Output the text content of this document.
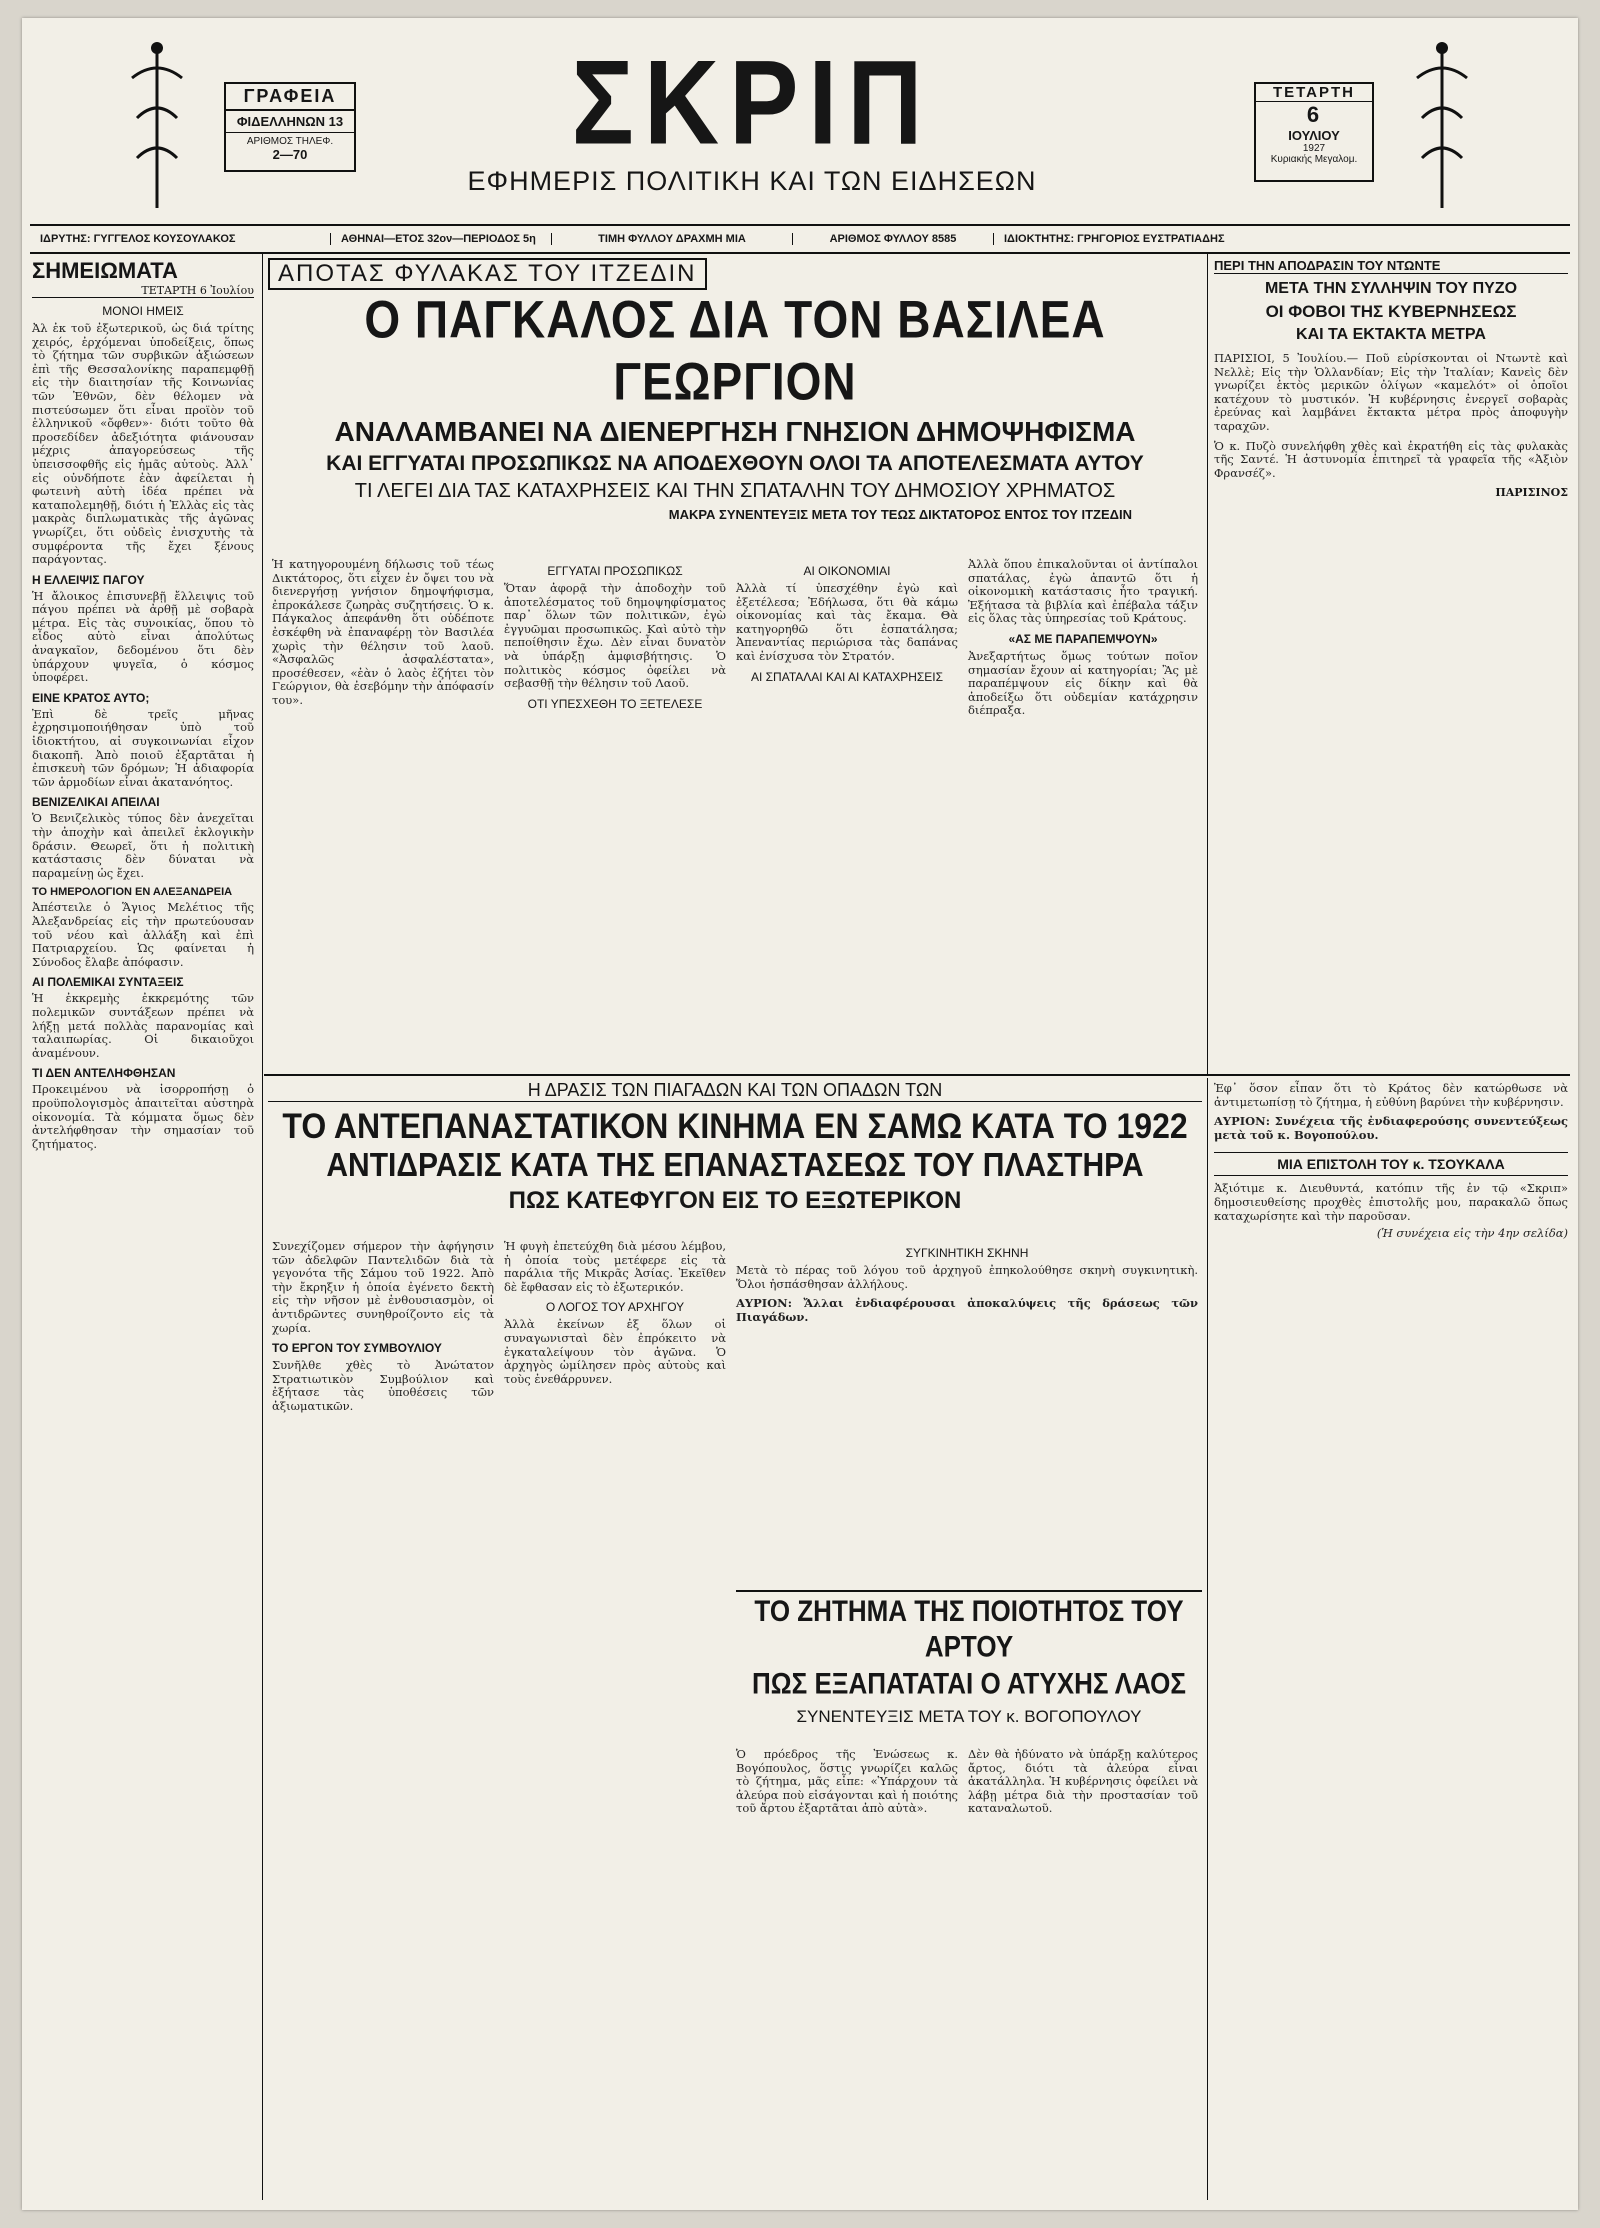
ΓΡΑΦΕΙΑ
ΦΙΔΕΛΛΗΝΩΝ 13
ΑΡΙΘΜΟΣ ΤΗΛΕΦ.
2—70	ΣΚΡΙΠ
ΕΦΗΜΕΡΙΣ ΠΟΛΙΤΙΚΗ ΚΑΙ ΤΩΝ ΕΙΔΗΣΕΩΝ
ΤΕΤΑΡΤΗ
6
ΙΟΥΛΙΟΥ
1927
Κυριακής Μεγαλομ.
ΙΔΡΥΤΗΣ: ΓΥΓΓΕΛΟΣ ΚΟΥΣΟΥΛΑΚΟΣ	ΑΘΗΝΑΙ—ΕΤΟΣ 32ον—ΠΕΡΙΟΔΟΣ 5η	ΤΙΜΗ ΦΥΛΛΟΥ ΔΡΑΧΜΗ ΜΙΑ	ΑΡΙΘΜΟΣ ΦΥΛΛΟΥ 8585	ΙΔΙΟΚΤΗΤΗΣ: ΓΡΗΓΟΡΙΟΣ ΕΥΣΤΡΑΤΙΑΔΗΣ
ΣΗΜΕΙΩΜΑΤΑ
ΤΕΤΑΡΤΗ 6 Ἰουλίου
ΜΟΝΟΙ ΗΜΕΙΣ
Ἀλ ἐκ τοῦ ἐξωτερικοῦ, ὡς διά τρίτης χειρός, ἐρχόμεναι ὑποδείξεις, ὅπως τὸ ζήτημα τῶν συρβικῶν ἀξιώσεων ἐπὶ τῆς Θεσσαλονίκης παραπεμφθῇ εἰς τὴν διαιτησίαν τῆς Κοινωνίας τῶν Ἐθνῶν, δὲν θέλομεν νὰ πιστεύσωμεν ὅτι εἶναι προϊὸν τοῦ ἑλληνικοῦ «ὄφθεν»· διότι τοῦτο θὰ προσεδίδεν ἀδεξιότητα φιάνουσαν μέχρις ἀπαγορεύσεως τῆς ὑπεισσοφθῆς εἰς ἡμᾶς αὐτοὺς. Ἀλλ᾽ εἰς οὐνδήποτε ἐὰν ἀφείλεται ἡ φωτεινὴ αὐτὴ ἰδέα πρέπει νὰ καταπολεμηθῇ, διότι ἡ Ἑλλὰς εἰς τὰς μακρὰς διπλωματικὰς τῆς ἀγῶνας γνωρίζει, ὅτι οὐδεὶς ἐνισχυτὴς τὰ συμφέροντα τῆς ἔχει ξένους παράγοντας.
Η ΕΛΛΕΙΨΙΣ ΠΑΓΟΥ
Ἡ ἄλοικος ἐπισυνεβῇ ἔλλειψις τοῦ πάγου πρέπει νὰ ἀρθῇ μὲ σοβαρὰ μέτρα. Εἰς τὰς συνοικίας, ὅπου τὸ εἶδος αὐτὸ εἶναι ἀπολύτως ἀναγκαῖον, δεδομένου ὅτι δὲν ὑπάρχουν ψυγεῖα, ὁ κόσμος ὑποφέρει.
ΕΙΝΕ ΚΡΑΤΟΣ ΑΥΤΟ;
Ἐπὶ δὲ τρεῖς μῆνας ἐχρησιμοποιήθησαν ὑπὸ τοῦ ἰδιοκτήτου, αἱ συγκοινωνίαι εἶχον διακοπῆ. Ἀπὸ ποιοῦ ἐξαρτᾶται ἡ ἐπισκευὴ τῶν δρόμων; Ἡ ἀδιαφορία τῶν ἁρμοδίων εἶναι ἀκατανόητος.
ΒΕΝΙΖΕΛΙΚΑΙ ΑΠΕΙΛΑΙ
Ὁ Βενιζελικὸς τύπος δὲν ἀνεχεῖται τὴν ἀποχὴν καὶ ἀπειλεῖ ἐκλογικὴν δράσιν. Θεωρεῖ, ὅτι ἡ πολιτικὴ κατάστασις δὲν δύναται νὰ παραμείνῃ ὡς ἔχει.
ΤΟ ΗΜΕΡΟΛΟΓΙΟΝ ΕΝ ΑΛΕΞΑΝΔΡΕΙΑ
Ἀπέστειλε ὁ Ἅγιος Μελέτιος τῆς Ἀλεξανδρείας εἰς τὴν πρωτεύουσαν τοῦ νέου καὶ ἀλλάξη καὶ ἐπὶ Πατριαρχείου. Ὡς φαίνεται ἡ Σύνοδος ἔλαβε ἀπόφασιν.
ΑΙ ΠΟΛΕΜΙΚΑΙ ΣΥΝΤΑΞΕΙΣ
Ἡ ἐκκρεμὴς ἐκκρεμότης τῶν πολεμικῶν συντάξεων πρέπει νὰ λήξῃ μετά πολλὰς παρανομίας καὶ ταλαιπωρίας. Οἱ δικαιοῦχοι ἀναμένουν.
ΤΙ ΔΕΝ ΑΝΤΕΛΗΦΘΗΣΑΝ
Προκειμένου νὰ ἰσορροπήσῃ ὁ προϋπολογισμὸς ἀπαιτεῖται αὐστηρὰ οἰκονομία. Τὰ κόμματα ὅμως δὲν ἀντελήφθησαν τὴν σημασίαν τοῦ ζητήματος.
ΑΠΟΤΑΣ ΦΥΛΑΚΑΣ ΤΟΥ ΙΤΖΕΔΙΝ
Ο ΠΑΓΚΑΛΟΣ ΔΙΑ ΤΟΝ ΒΑΣΙΛΕΑ ΓΕΩΡΓΙΟΝ
ΑΝΑΛΑΜΒΑΝΕΙ ΝΑ ΔΙΕΝΕΡΓΗΣΗ ΓΝΗΣΙΟΝ ΔΗΜΟΨΗΦΙΣΜΑ
ΚΑΙ ΕΓΓΥΑΤΑΙ ΠΡΟΣΩΠΙΚΩΣ ΝΑ ΑΠΟΔΕΧΘΟΥΝ ΟΛΟΙ ΤΑ ΑΠΟΤΕΛΕΣΜΑΤΑ ΑΥΤΟΥ
ΤΙ ΛΕΓΕΙ ΔΙΑ ΤΑΣ ΚΑΤΑΧΡΗΣΕΙΣ ΚΑΙ ΤΗΝ ΣΠΑΤΑΛΗΝ ΤΟΥ ΔΗΜΟΣΙΟΥ ΧΡΗΜΑΤΟΣ
ΜΑΚΡΑ ΣΥΝΕΝΤΕΥΞΙΣ ΜΕΤΑ ΤΟΥ ΤΕΩΣ ΔΙΚΤΑΤΟΡΟΣ ΕΝΤΟΣ ΤΟΥ ΙΤΖΕΔΙΝ
Ἡ κατηγορουμένη δήλωσις τοῦ τέως Δικτάτορος, ὅτι εἶχεν ἐν ὄψει του νὰ διενεργήσῃ γνήσιον δημοψήφισμα, ἐπροκάλεσε ζωηρὰς συζητήσεις. Ὁ κ. Πάγκαλος ἀπεφάνθη ὅτι οὐδέποτε ἐσκέφθη νὰ ἐπαναφέρῃ τὸν Βασιλέα χωρὶς τὴν θέλησιν τοῦ λαοῦ. «Ἀσφαλῶς ἀσφαλέστατα», προσέθεσεν, «ἐὰν ὁ λαὸς ἐζήτει τὸν Γεώργιον, θὰ ἐσεβόμην τὴν ἀπόφασίν του».
ΕΓΓΥΑΤΑΙ ΠΡΟΣΩΠΙΚΩΣ
Ὅταν ἀφορᾷ τὴν ἀποδοχὴν τοῦ ἀποτελέσματος τοῦ δημοψηφίσματος παρ᾽ ὅλων τῶν πολιτικῶν, ἐγὼ ἐγγυῶμαι προσωπικῶς. Καὶ αὐτὸ τὴν πεποίθησιν ἔχω. Δὲν εἶναι δυνατὸν νὰ ὑπάρξῃ ἀμφισβήτησις. Ὁ πολιτικὸς κόσμος ὀφείλει νὰ σεβασθῇ τὴν θέλησιν τοῦ Λαοῦ.
ΟΤΙ ΥΠΕΣΧΕΘΗ ΤΟ ΞΕΤΕΛΕΣΕ
ΑΙ ΟΙΚΟΝΟΜΙΑΙ
Ἀλλὰ τί ὑπεσχέθην ἐγὼ καὶ ἐξετέλεσα; Ἐδήλωσα, ὅτι θὰ κάμω οἰκονομίας καὶ τὰς ἔκαμα. Θὰ κατηγορηθῶ ὅτι ἐσπατάλησα; Ἀπεναντίας περιώρισα τὰς δαπάνας καὶ ἐνίσχυσα τὸν Στρατόν.
ΑΙ ΣΠΑΤΑΛΑΙ ΚΑΙ ΑΙ ΚΑΤΑΧΡΗΣΕΙΣ
Ἀλλὰ ὅπου ἐπικαλοῦνται οἱ ἀντίπαλοι σπατάλας, ἐγὼ ἀπαντῶ ὅτι ἡ οἰκονομικὴ κατάστασις ἦτο τραγική. Ἐξήτασα τὰ βιβλία καὶ ἐπέβαλα τάξιν εἰς ὅλας τὰς ὑπηρεσίας τοῦ Κράτους.
«ΑΣ ΜΕ ΠΑΡΑΠΕΜΨΟΥΝ»
Ἀνεξαρτήτως ὅμως τούτων ποῖον σημασίαν ἔχουν αἱ κατηγορίαι; Ἂς μὲ παραπέμψουν εἰς δίκην καὶ θὰ ἀποδείξω ὅτι οὐδεμίαν κατάχρησιν διέπραξα.
ΠΕΡΙ ΤΗΝ ΑΠΟΔΡΑΣΙΝ ΤΟΥ ΝΤΩΝΤΕ
ΜΕΤΑ ΤΗΝ ΣΥΛΛΗΨΙΝ ΤΟΥ ΠΥΖΟ
ΟΙ ΦΟΒΟΙ ΤΗΣ ΚΥΒΕΡΝΗΣΕΩΣ
ΚΑΙ ΤΑ ΕΚΤΑΚΤΑ ΜΕΤΡΑ
ΠΑΡΙΣΙΟΙ, 5 Ἰουλίου.— Ποῦ εὑρίσκονται οἱ Ντωντὲ καὶ Νελλὲ; Εἰς τὴν Ὁλλανδίαν; Εἰς τὴν Ἰταλίαν; Κανεὶς δὲν γνωρίζει ἐκτὸς μερικῶν ὀλίγων «καμελότ» οἱ ὁποῖοι κατέχουν τὸ μυστικόν. Ἡ κυβέρνησις ἐνεργεῖ σοβαρὰς ἐρεύνας καὶ λαμβάνει ἔκτακτα μέτρα πρὸς ἀποφυγὴν ταραχῶν.
Ὁ κ. Πυζὸ συνελήφθη χθὲς καὶ ἐκρατήθη εἰς τὰς φυλακὰς τῆς Σαντέ. Ἡ ἀστυνομία ἐπιτηρεῖ τὰ γραφεῖα τῆς «Ἀξιὸν Φρανσέζ».
ΠΑΡΙΣΙΝΟΣ
Η ΔΡΑΣΙΣ ΤΩΝ ΠΙΑΓΑΔΩΝ ΚΑΙ ΤΩΝ ΟΠΑΔΩΝ ΤΩΝ
ΤΟ ΑΝΤΕΠΑΝΑΣΤΑΤΙΚΟΝ ΚΙΝΗΜΑ ΕΝ ΣΑΜΩ ΚΑΤΑ ΤΟ 1922
ΑΝΤΙΔΡΑΣΙΣ ΚΑΤΑ ΤΗΣ ΕΠΑΝΑΣΤΑΣΕΩΣ ΤΟΥ ΠΛΑΣΤΗΡΑ
ΠΩΣ ΚΑΤΕΦΥΓΟΝ ΕΙΣ ΤΟ ΕΞΩΤΕΡΙΚΟΝ
Συνεχίζομεν σήμερον τὴν ἀφήγησιν τῶν ἀδελφῶν Παντελιδῶν διὰ τὰ γεγονότα τῆς Σάμου τοῦ 1922. Ἀπὸ τὴν ἔκρηξιν ἡ ὁποία ἐγένετο δεκτὴ εἰς τὴν νῆσον μὲ ἐνθουσιασμὸν, οἱ ἀντιδρῶντες συνηθροίζοντο εἰς τὰ χωρία.
ΤΟ ΕΡΓΟΝ ΤΟΥ ΣΥΜΒΟΥΛΙΟΥ
Συνῆλθε χθὲς τὸ Ἀνώτατον Στρατιωτικὸν Συμβούλιον καὶ ἐξήτασε τὰς ὑποθέσεις τῶν ἀξιωματικῶν.
Ἡ φυγὴ ἐπετεύχθη διὰ μέσου λέμβου, ἡ ὁποία τοὺς μετέφερε εἰς τὰ παράλια τῆς Μικρᾶς Ἀσίας. Ἐκεῖθεν δὲ ἔφθασαν εἰς τὸ ἐξωτερικόν.
Ο ΛΟΓΟΣ ΤΟΥ ΑΡΧΗΓΟΥ
Ἀλλὰ ἐκείνων ἐξ ὅλων οἱ συναγωνισταὶ δὲν ἐπρόκειτο νὰ ἐγκαταλείψουν τὸν ἀγῶνα. Ὁ ἀρχηγὸς ὡμίλησεν πρὸς αὐτοὺς καὶ τοὺς ἐνεθάρρυνεν.
ΣΥΓΚΙΝΗΤΙΚΗ ΣΚΗΝΗ
Μετὰ τὸ πέρας τοῦ λόγου τοῦ ἀρχηγοῦ ἐπηκολούθησε σκηνὴ συγκινητικὴ. Ὅλοι ἠσπάσθησαν ἀλλήλους.
ΑΥΡΙΟΝ: Ἄλλαι ἐνδιαφέρουσαι ἀποκαλύψεις τῆς δράσεως τῶν Πιαγάδων.
ΤΟ ΖΗΤΗΜΑ ΤΗΣ ΠΟΙΟΤΗΤΟΣ ΤΟΥ ΑΡΤΟΥ
ΠΩΣ ΕΞΑΠΑΤΑΤΑΙ Ο ΑΤΥΧΗΣ ΛΑΟΣ
ΣΥΝΕΝΤΕΥΞΙΣ ΜΕΤΑ ΤΟΥ κ. ΒΟΓΟΠΟΥΛΟΥ
Ὁ πρόεδρος τῆς Ἐνώσεως κ. Βογόπουλος, ὅστις γνωρίζει καλῶς τὸ ζήτημα, μᾶς εἶπε: «Ὑπάρχουν τὰ ἀλεύρα ποὺ εἰσάγονται καὶ ἡ ποιότης τοῦ ἄρτου ἐξαρτᾶται ἀπὸ αὐτὰ».
Δὲν θὰ ἠδύνατο νὰ ὑπάρξῃ καλύτερος ἄρτος, διότι τὰ ἀλεύρα εἶναι ἀκατάλληλα. Ἡ κυβέρνησις ὀφείλει νὰ λάβῃ μέτρα διὰ τὴν προστασίαν τοῦ καταναλωτοῦ.
Ἐφ᾽ ὅσον εἶπαν ὅτι τὸ Κράτος δὲν κατώρθωσε νὰ ἀντιμετωπίσῃ τὸ ζήτημα, ἡ εὐθύνη βαρύνει τὴν κυβέρνησιν.
ΑΥΡΙΟΝ: Συνέχεια τῆς ἐνδιαφερούσης συνεντεύξεως μετὰ τοῦ κ. Βογοπούλου.
ΜΙΑ ΕΠΙΣΤΟΛΗ ΤΟΥ κ. ΤΣΟΥΚΑΛΑ
Ἀξιότιμε κ. Διευθυντά, κατόπιν τῆς ἐν τῷ «Σκριπ» δημοσιευθείσης προχθὲς ἐπιστολῆς μου, παρακαλῶ ὅπως καταχωρίσητε καὶ τὴν παροῦσαν.
(Ἡ συνέχεια εἰς τὴν 4ην σελίδα)
